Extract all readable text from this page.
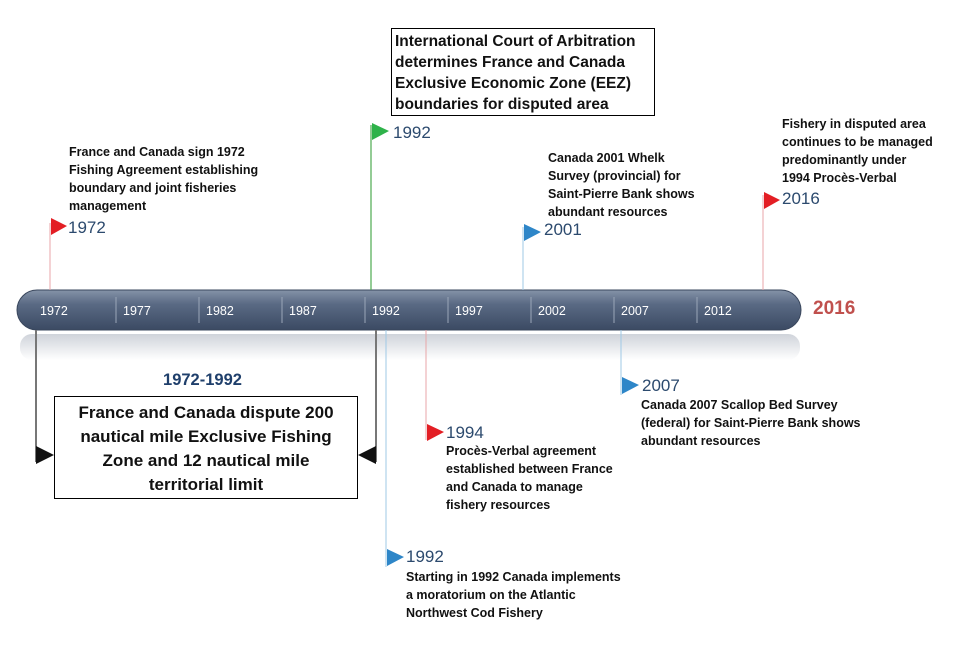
1972	1977	1982	1987	1992	1997	2002	2007	2012
France and Canada sign 1972
Fishing Agreement establishing
boundary and joint fisheries
management
1972
International Court of Arbitration
determines France and Canada
Exclusive Economic Zone (EEZ)
boundaries for disputed area
1992
Canada 2001 Whelk
Survey (provincial) for
Saint-Pierre Bank shows
abundant resources
2001
Fishery in disputed area
continues to be managed
predominantly under
1994 Procès-Verbal
2016
2016
1972-1992
France and Canada dispute 200
nautical mile Exclusive Fishing
Zone and 12 nautical mile
territorial limit
2007
Canada 2007 Scallop Bed Survey
(federal) for Saint-Pierre Bank shows
abundant resources
1994
Procès-Verbal agreement
established between France
and Canada to manage
fishery resources
1992
Starting in 1992 Canada implements
a moratorium on the Atlantic
Northwest Cod Fishery
